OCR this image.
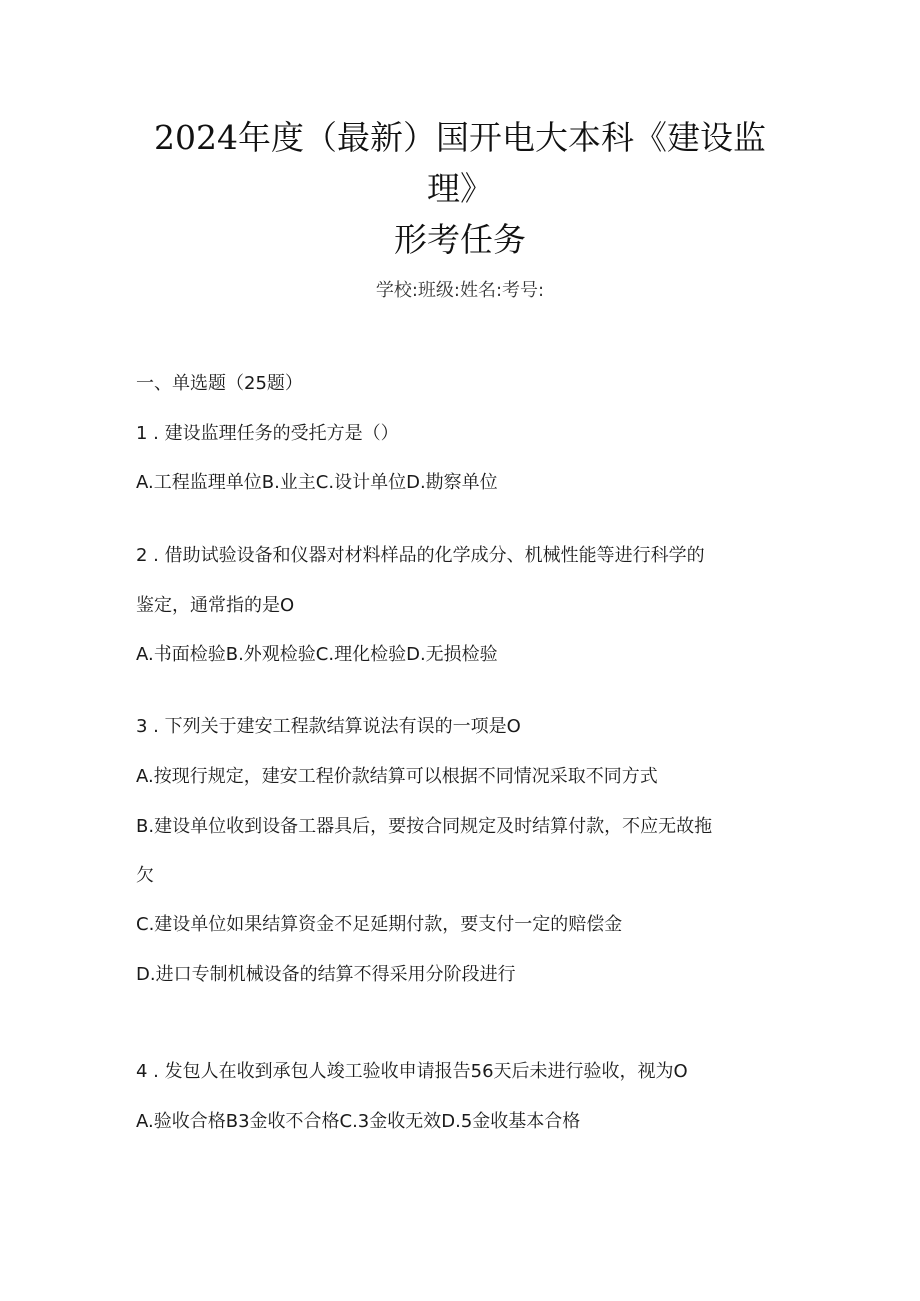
2024年度（最新）国开电大本科《建设监
理》
形考任务
学校:班级:姓名:考号:
一、单选题（25题）
1 . 建设监理任务的受托方是（）
A.工程监理单位B.业主C.设计单位D.勘察单位
2 . 借助试验设备和仪器对材料样品的化学成分、机械性能等进行科学的
鉴定，通常指的是O
A.书面检验B.外观检验C.理化检验D.无损检验
3 . 下列关于建安工程款结算说法有误的一项是O
A.按现行规定，建安工程价款结算可以根据不同情况采取不同方式
B.建设单位收到设备工器具后，要按合同规定及时结算付款，不应无故拖
欠
C.建设单位如果结算资金不足延期付款，要支付一定的赔偿金
D.进口专制机械设备的结算不得采用分阶段进行
4 . 发包人在收到承包人竣工验收申请报告56天后未进行验收，视为O
A.验收合格B3金收不合格C.3金收无效D.5金收基本合格
